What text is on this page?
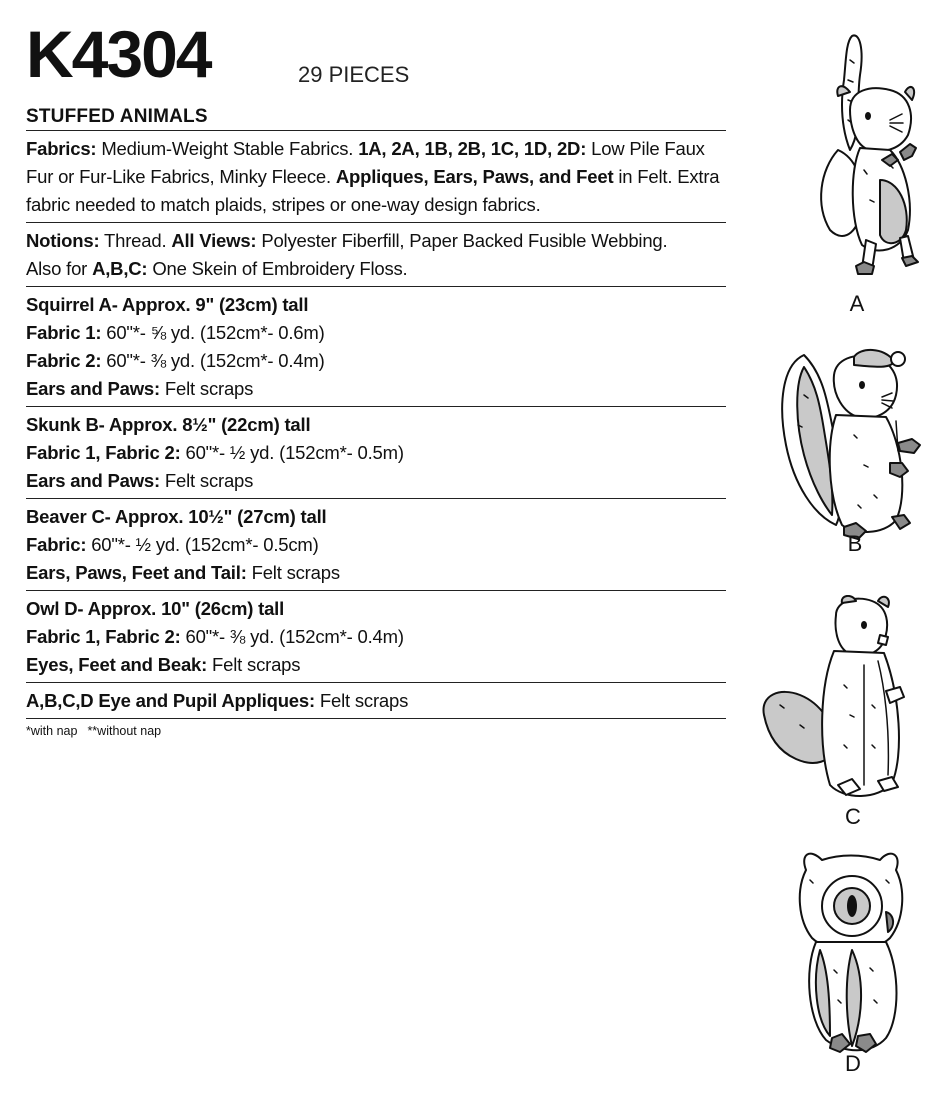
K4304	29 PIECES
STUFFED ANIMALS
Fabrics: Medium-Weight Stable Fabrics. 1A, 2A, 1B, 2B, 1C, 1D, 2D: Low Pile Faux
Fur or Fur-Like Fabrics, Minky Fleece. Appliques, Ears, Paws, and Feet in Felt. Extra
fabric needed to match plaids, stripes or one-way design fabrics.
Notions: Thread. All Views: Polyester Fiberfill, Paper Backed Fusible Webbing.
Also for A,B,C: One Skein of Embroidery Floss.
Squirrel A- Approx. 9" (23cm) tall
Fabric 1: 60"*- ⅝ yd. (152cm*- 0.6m)
Fabric 2: 60"*- ⅜ yd. (152cm*- 0.4m)
Ears and Paws: Felt scraps
Skunk B- Approx. 8½" (22cm) tall
Fabric 1, Fabric 2: 60"*- ½ yd. (152cm*- 0.5m)
Ears and Paws: Felt scraps
Beaver C- Approx. 10½" (27cm) tall
Fabric: 60"*- ½ yd. (152cm*- 0.5cm)
Ears, Paws, Feet and Tail: Felt scraps
Owl D- Approx. 10" (26cm) tall
Fabric 1, Fabric 2: 60"*- ⅜ yd. (152cm*- 0.4m)
Eyes, Feet and Beak: Felt scraps
A,B,C,D Eye and Pupil Appliques: Felt scraps
*with nap **without nap
A
B
C
D
